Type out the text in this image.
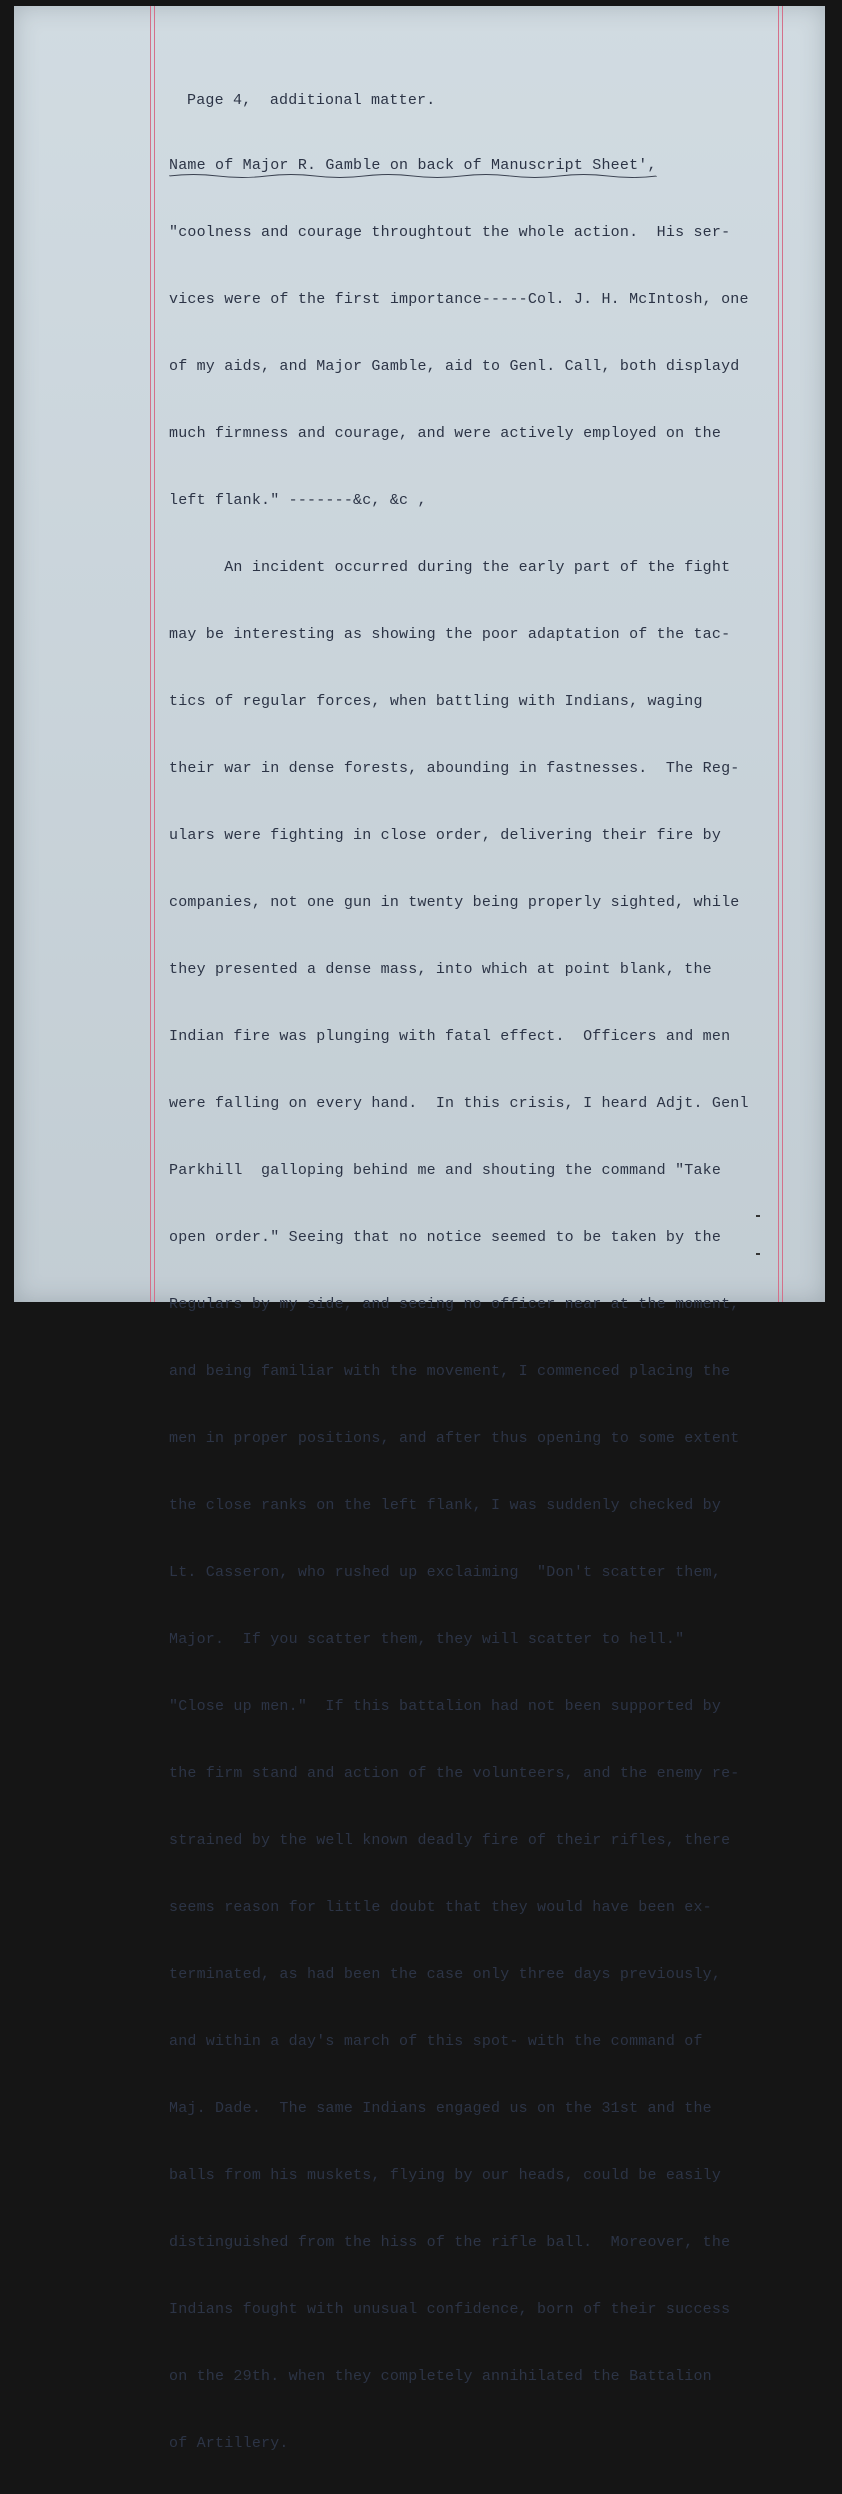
Page 4,  additional matter.

Name of Major R. Gamble on back of Manuscript Sheet',

"coolness and courage throughtout the whole action.  His ser-

vices were of the first importance-----Col. J. H. McIntosh, one

of my aids, and Major Gamble, aid to Genl. Call, both displayd

much firmness and courage, and were actively employed on the

left flank." -------&c, &c ,

An incident occurred during the early part of the fight

may be interesting as showing the poor adaptation of the tac-

tics of regular forces, when battling with Indians, waging

their war in dense forests, abounding in fastnesses.  The Reg-

ulars were fighting in close order, delivering their fire by

companies, not one gun in twenty being properly sighted, while

they presented a dense mass, into which at point blank, the

Indian fire was plunging with fatal effect.  Officers and men

were falling on every hand.  In this crisis, I heard Adjt. Genl

Parkhill  galloping behind me and shouting the command "Take

open order." Seeing that no notice seemed to be taken by the

Regulars by my side, and seeing no officer near at the moment,

and being familiar with the movement, I commenced placing the

men in proper positions, and after thus opening to some extent

the close ranks on the left flank, I was suddenly checked by

Lt. Casseron, who rushed up exclaiming  "Don't scatter them,

Major.  If you scatter them, they will scatter to hell."

"Close up men."  If this battalion had not been supported by

the firm stand and action of the volunteers, and the enemy re-

strained by the well known deadly fire of their rifles, there

seems reason for little doubt that they would have been ex-

terminated, as had been the case only three days previously,

and within a day's march of this spot- with the command of

Maj. Dade.  The same Indians engaged us on the 31st and the

balls from his muskets, flying by our heads, could be easily

distinguished from the hiss of the rifle ball.  Moreover, the

Indians fought with unusual confidence, born of their success

on the 29th. when they completely annihilated the Battalion

of Artillery.
